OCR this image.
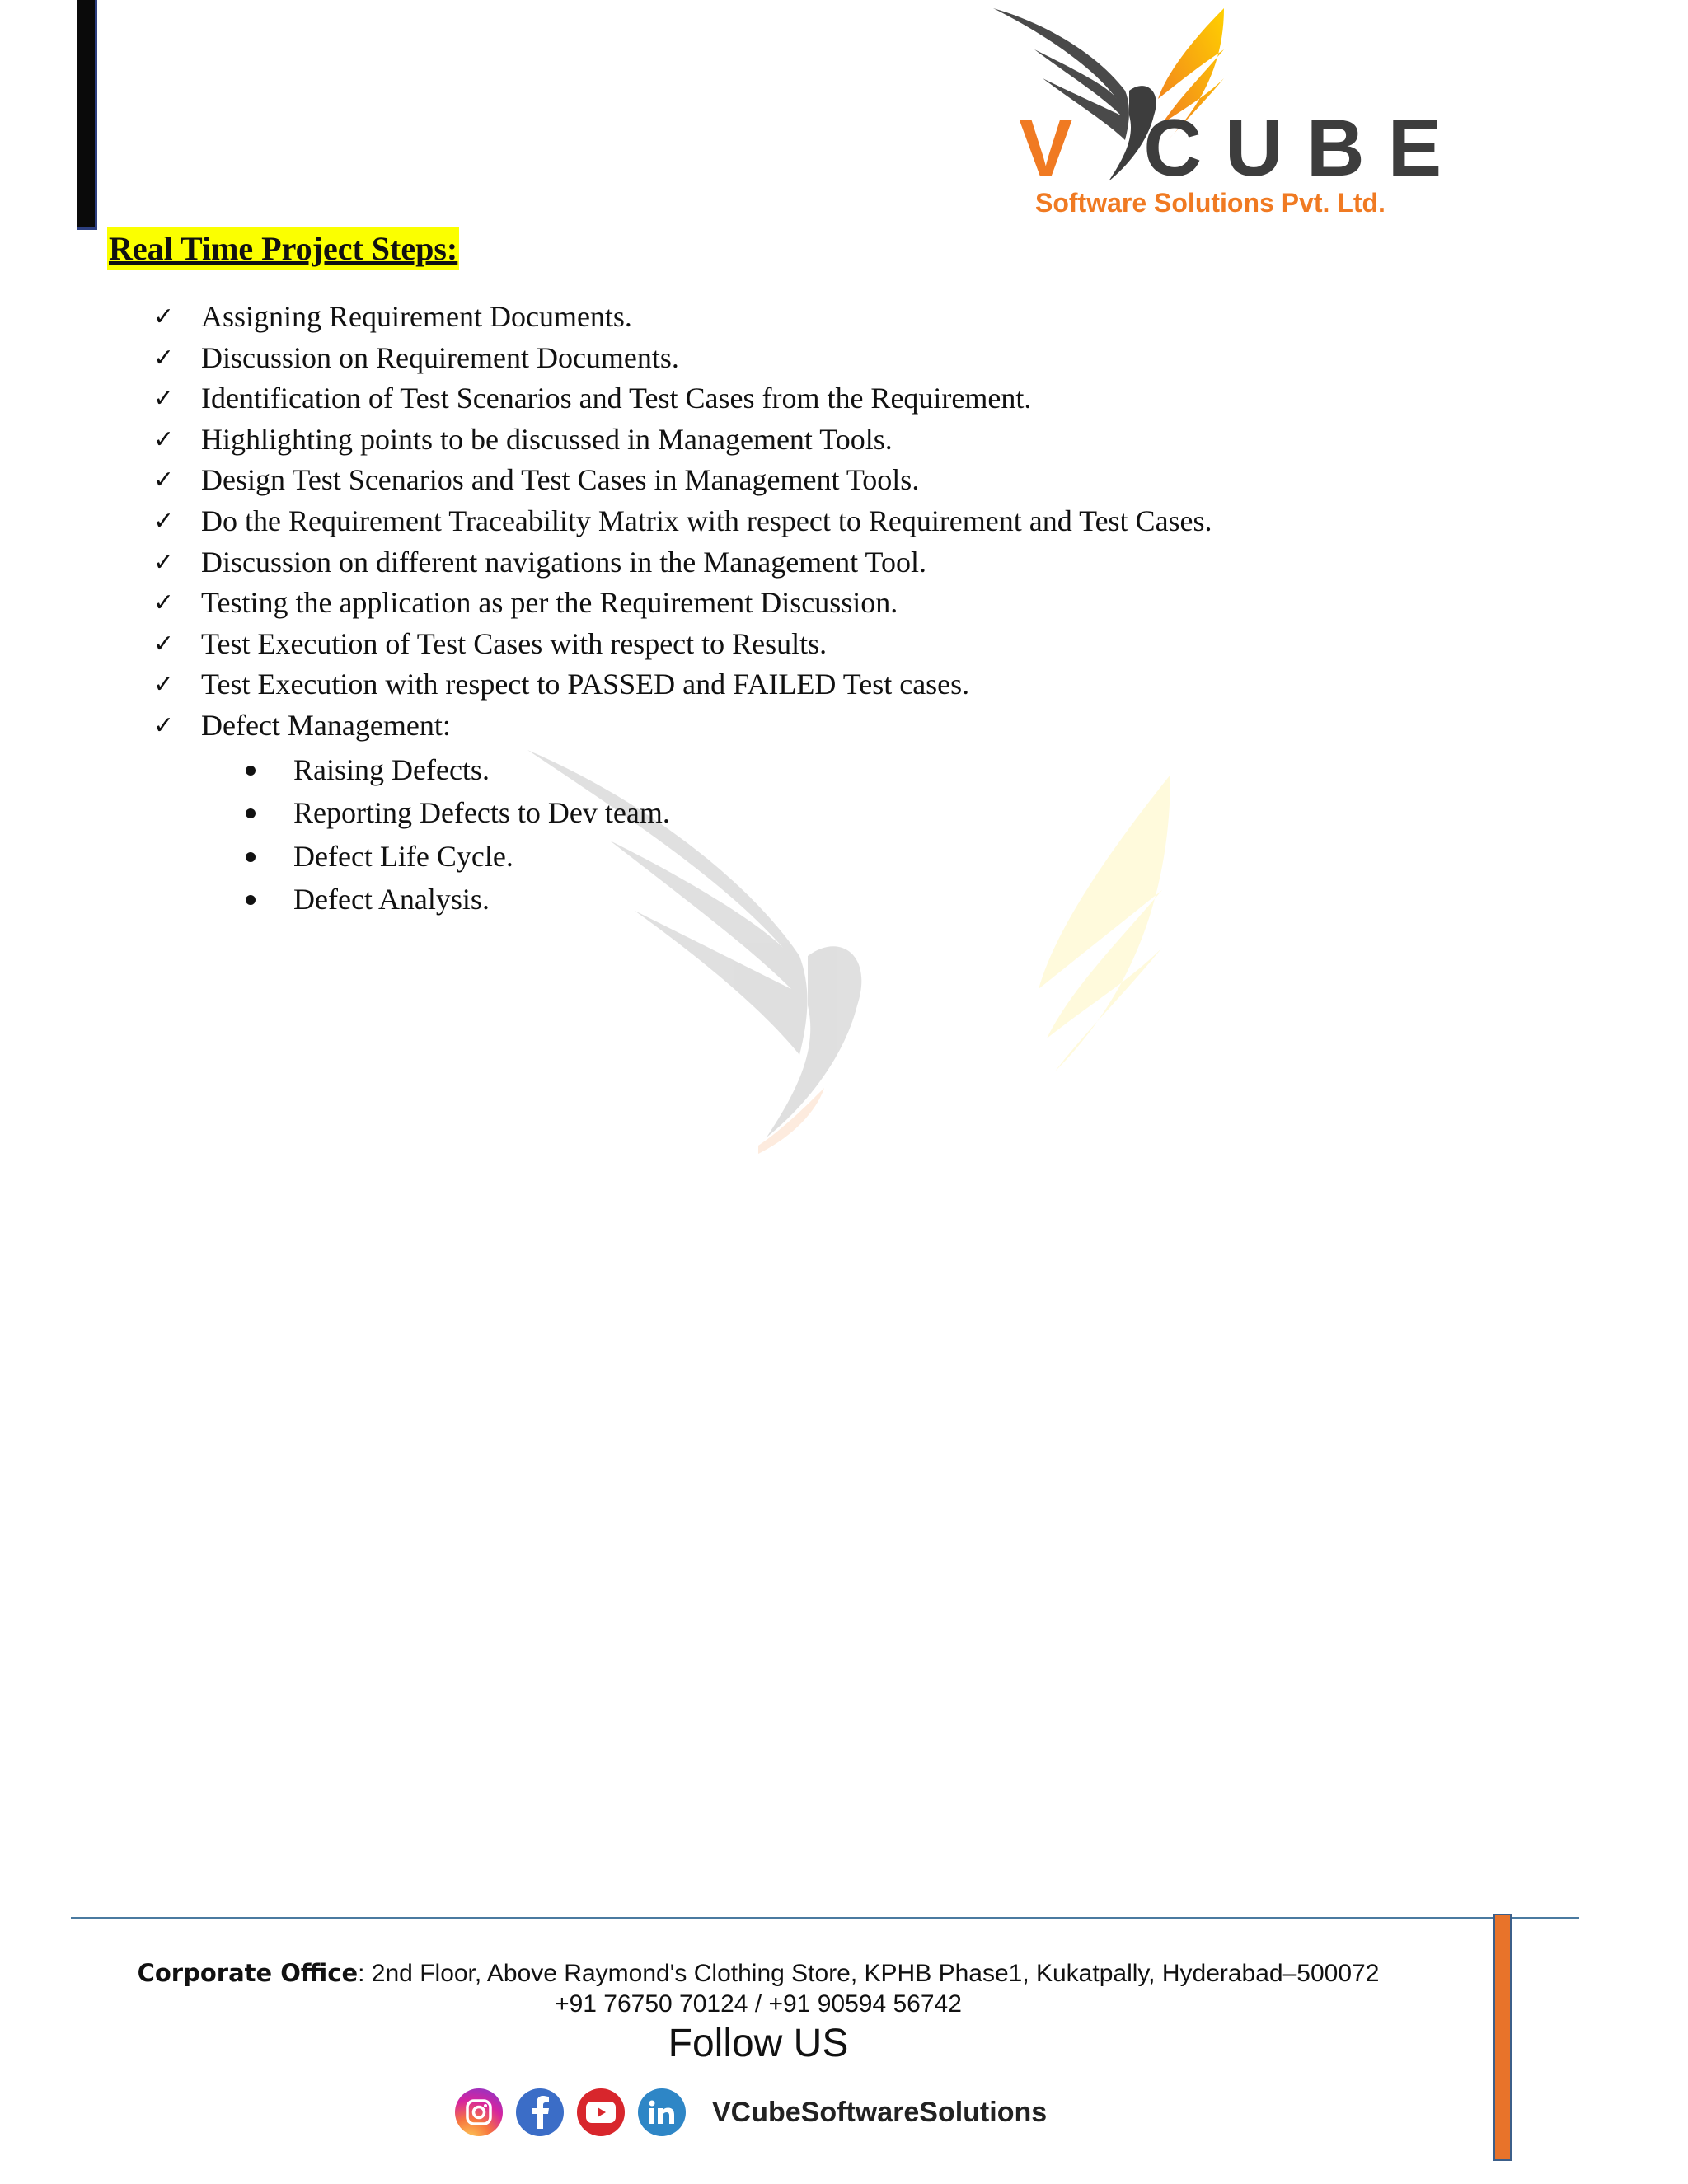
V CUBE
Software Solutions Pvt. Ltd.
Real Time Project Steps:
✓ Assigning Requirement Documents.
✓ Discussion on Requirement Documents.
✓ Identification of Test Scenarios and Test Cases from the Requirement.
✓ Highlighting points to be discussed in Management Tools.
✓ Design Test Scenarios and Test Cases in Management Tools.
✓ Do the Requirement Traceability Matrix with respect to Requirement and Test Cases.
✓ Discussion on different navigations in the Management Tool.
✓ Testing the application as per the Requirement Discussion.
✓ Test Execution of Test Cases with respect to Results.
✓ Test Execution with respect to PASSED and FAILED Test cases.
✓ Defect Management:
Raising Defects.
Reporting Defects to Dev team.
Defect Life Cycle.
Defect Analysis.
Corporate Office: 2nd Floor, Above Raymond's Clothing Store, KPHB Phase1, Kukatpally, Hyderabad–500072
+91 76750 70124 / +91 90594 56742
Follow US
VCubeSoftwareSolutions
